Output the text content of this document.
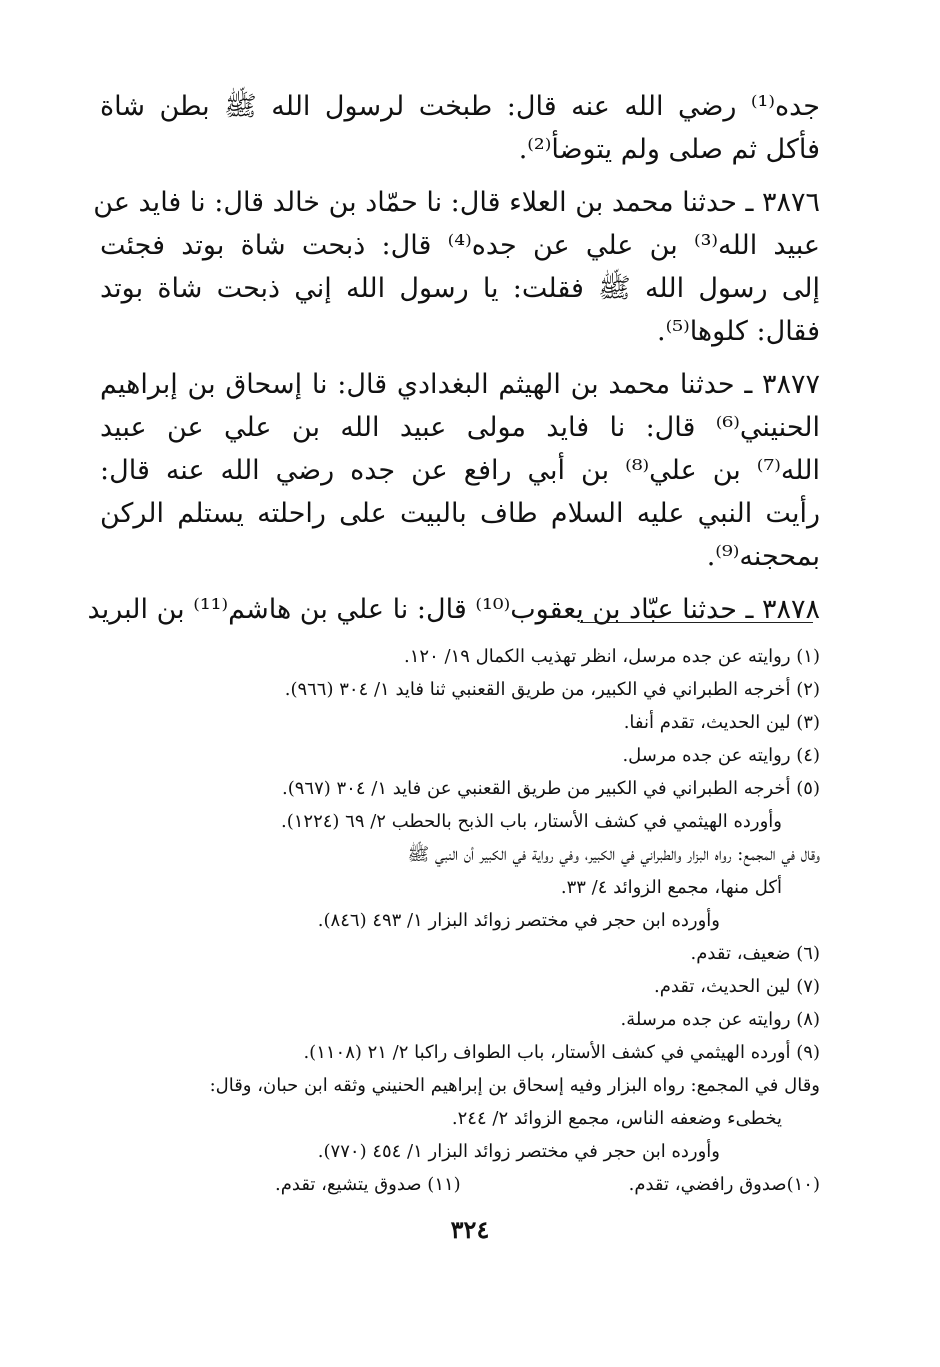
جده⁽¹⁾ رضي الله عنه قال: طبخت لرسول الله ﷺ بطن شاة
فأكل ثم صلى ولم يتوضأ⁽²⁾.
٣٨٧٦ ـ حدثنا محمد بن العلاء قال: نا حمّاد بن خالد قال: نا فايد عن
عبيد الله⁽³⁾ بن علي عن جده⁽⁴⁾ قال: ذبحت شاة بوتد فجئت
إلى رسول الله ﷺ فقلت: يا رسول الله إني ذبحت شاة بوتد
فقال: كلوها⁽⁵⁾.
٣٨٧٧ ـ حدثنا محمد بن الهيثم البغدادي قال: نا إسحاق بن إبراهيم
الحنيني⁽⁶⁾ قال: نا فايد مولى عبيد الله بن علي عن عبيد
الله⁽⁷⁾ بن علي⁽⁸⁾ بن أبي رافع عن جده رضي الله عنه قال:
رأيت النبي عليه السلام طاف بالبيت على راحلته يستلم الركن
بمحجنه⁽⁹⁾.
٣٨٧٨ ـ حدثنا عبّاد بن يعقوب⁽¹⁰⁾ قال: نا علي بن هاشم⁽¹¹⁾ بن البريد
(١) روايته عن جده مرسل، انظر تهذيب الكمال ١٩/ ١٢٠.
(٢) أخرجه الطبراني في الكبير، من طريق القعنبي ثنا فايد ١/ ٣٠٤ (٩٦٦).
(٣) لين الحديث، تقدم أنفا.
(٤) روايته عن جده مرسل.
(٥) أخرجه الطبراني في الكبير من طريق القعنبي عن فايد ١/ ٣٠٤ (٩٦٧).
وأورده الهيثمي في كشف الأستار، باب الذبح بالحطب ٢/ ٦٩ (١٢٢٤).
وقال في المجمع: رواه البزار والطبراني في الكبير، وفي رواية في الكبير أن النبي ﷺ
أكل منها، مجمع الزوائد ٤/ ٣٣.
وأورده ابن حجر في مختصر زوائد البزار ١/ ٤٩٣ (٨٤٦).
(٦) ضعيف، تقدم.
(٧) لين الحديث، تقدم.
(٨) روايته عن جده مرسلة.
(٩) أورده الهيثمي في كشف الأستار، باب الطواف راكبا ٢/ ٢١ (١١٠٨).
وقال في المجمع: رواه البزار وفيه إسحاق بن إبراهيم الحنيني وثقه ابن حبان، وقال:
يخطىء وضعفه الناس، مجمع الزوائد ٢/ ٢٤٤.
وأورده ابن حجر في مختصر زوائد البزار ١/ ٤٥٤ (٧٧٠).
(١٠)صدوق رافضي، تقدم.
(١١) صدوق يتشيع، تقدم.
٣٢٤
